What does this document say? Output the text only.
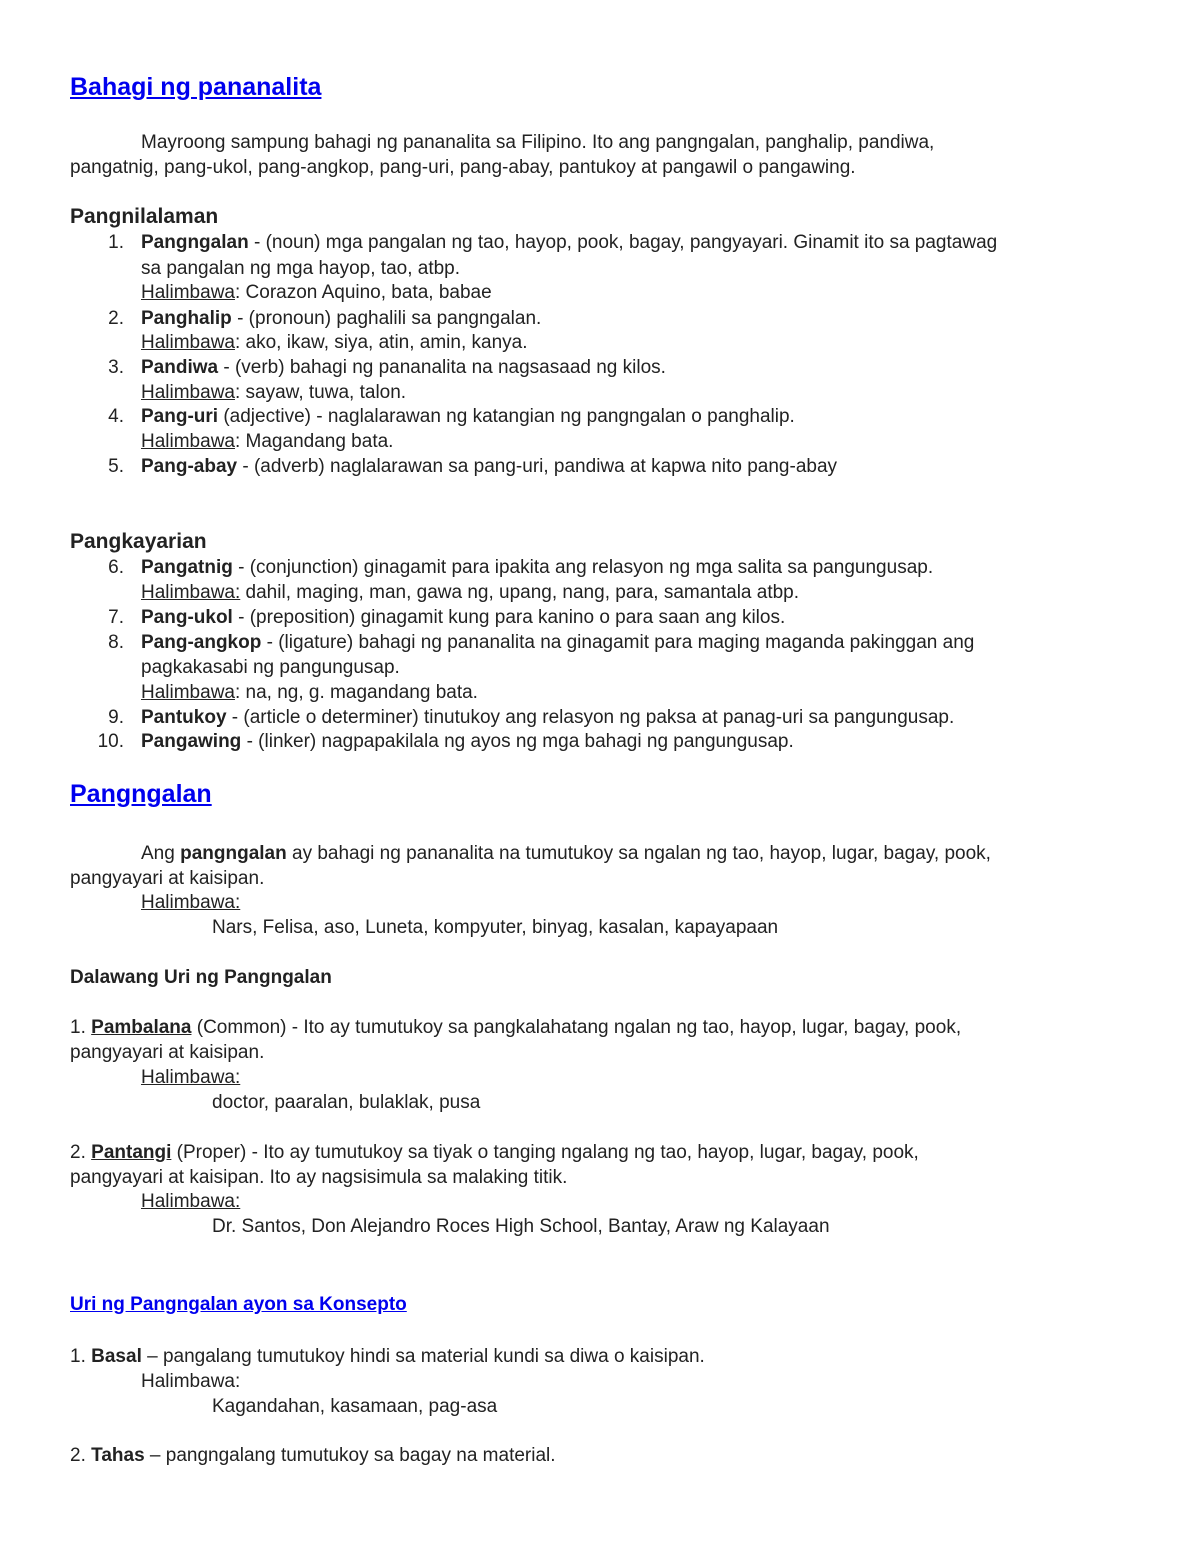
Bahagi ng pananalita
Mayroong sampung bahagi ng pananalita sa Filipino. Ito ang pangngalan, panghalip, pandiwa,
pangatnig, pang-ukol, pang-angkop, pang-uri, pang-abay, pantukoy at pangawil o pangawing.
Pangnilalaman
1. Pangngalan - (noun) mga pangalan ng tao, hayop, pook, bagay, pangyayari. Ginamit ito sa pagtawag
sa pangalan ng mga hayop, tao, atbp.
Halimbawa: Corazon Aquino, bata, babae
2. Panghalip - (pronoun) paghalili sa pangngalan.
Halimbawa: ako, ikaw, siya, atin, amin, kanya.
3. Pandiwa - (verb) bahagi ng pananalita na nagsasaad ng kilos.
Halimbawa: sayaw, tuwa, talon.
4. Pang-uri (adjective) - naglalarawan ng katangian ng pangngalan o panghalip.
Halimbawa: Magandang bata.
5. Pang-abay - (adverb) naglalarawan sa pang-uri, pandiwa at kapwa nito pang-abay
Pangkayarian
6. Pangatnig - (conjunction) ginagamit para ipakita ang relasyon ng mga salita sa pangungusap.
Halimbawa: dahil, maging, man, gawa ng, upang, nang, para, samantala atbp.
7. Pang-ukol - (preposition) ginagamit kung para kanino o para saan ang kilos.
8. Pang-angkop - (ligature) bahagi ng pananalita na ginagamit para maging maganda pakinggan ang
pagkakasabi ng pangungusap.
Halimbawa: na, ng, g. magandang bata.
9. Pantukoy - (article o determiner) tinutukoy ang relasyon ng paksa at panag-uri sa pangungusap.
10. Pangawing - (linker) nagpapakilala ng ayos ng mga bahagi ng pangungusap.
Pangngalan
Ang pangngalan ay bahagi ng pananalita na tumutukoy sa ngalan ng tao, hayop, lugar, bagay, pook,
pangyayari at kaisipan.
Halimbawa:
Nars, Felisa, aso, Luneta, kompyuter, binyag, kasalan, kapayapaan
Dalawang Uri ng Pangngalan
1. Pambalana (Common) - Ito ay tumutukoy sa pangkalahatang ngalan ng tao, hayop, lugar, bagay, pook,
pangyayari at kaisipan.
Halimbawa:
doctor, paaralan, bulaklak, pusa
2. Pantangi (Proper) - Ito ay tumutukoy sa tiyak o tanging ngalang ng tao, hayop, lugar, bagay, pook,
pangyayari at kaisipan. Ito ay nagsisimula sa malaking titik.
Halimbawa:
Dr. Santos, Don Alejandro Roces High School, Bantay, Araw ng Kalayaan
Uri ng Pangngalan ayon sa Konsepto
1. Basal – pangalang tumutukoy hindi sa material kundi sa diwa o kaisipan.
Halimbawa:
Kagandahan, kasamaan, pag-asa
2. Tahas – pangngalang tumutukoy sa bagay na material.
